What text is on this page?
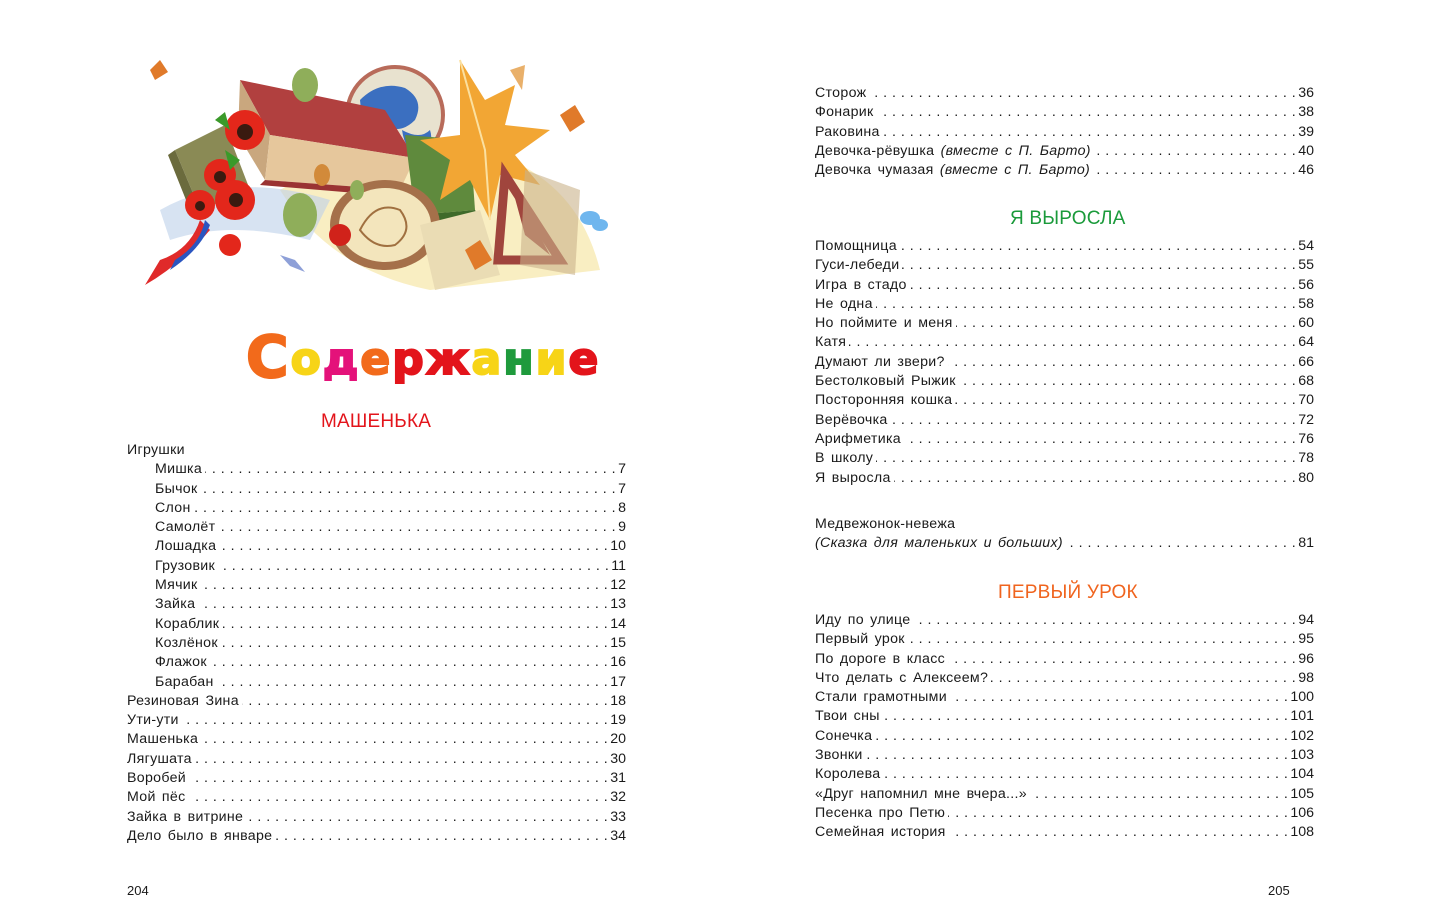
С о д е р ж а н и е
МАШЕНЬКА
Игрушки
Мишка . . .	7
Бычок . . .	7
Слон . . .	8
Самолёт . . .	9
Лошадка . . .	10
Грузовик . . .	11
Мячик . . .	12
Зайка . . .	13
Кораблик . . .	14
Козлёнок . . .	15
Флажок . . .	16
Барабан . . .	17
Резиновая Зина . . .	18
Ути-ути . . .	19
Машенька . . .	20
Лягушата . . .	30
Воробей . . .	31
Мой пёс . . .	32
Зайка в витрине . . .	33
Дело было в январе . . .	34
204
Сторож . . .	36
Фонарик . . .	38
Раковина . . .	39
Девочка-рёвушка (вместе с П. Барто) . . .	40
Девочка чумазая (вместе с П. Барто) . . .	46
Я ВЫРОСЛА
Помощница . . .	54
Гуси-лебеди . . .	55
Игра в стадо . . .	56
Не одна . . .	58
Но поймите и меня . . .	60
Катя . . .	64
Думают ли звери? . . .	66
Бестолковый Рыжик . . .	68
Посторонняя кошка . . .	70
Верёвочка . . .	72
Арифметика . . .	76
В школу . . .	78
Я выросла . . .	80
Медвежонок-невежа
(Сказка для маленьких и больших) . . .	81
ПЕРВЫЙ УРОК
Иду по улице . . .	94
Первый урок . . .	95
По дороге в класс . . .	96
Что делать с Алексеем? . . .	98
Стали грамотными . . .	100
Твои сны . . .	101
Сонечка . . .	102
Звонки . . .	103
Королева . . .	104
«Друг напомнил мне вчера...» . . .	105
Песенка про Петю . . .	106
Семейная история . . .	108
205
